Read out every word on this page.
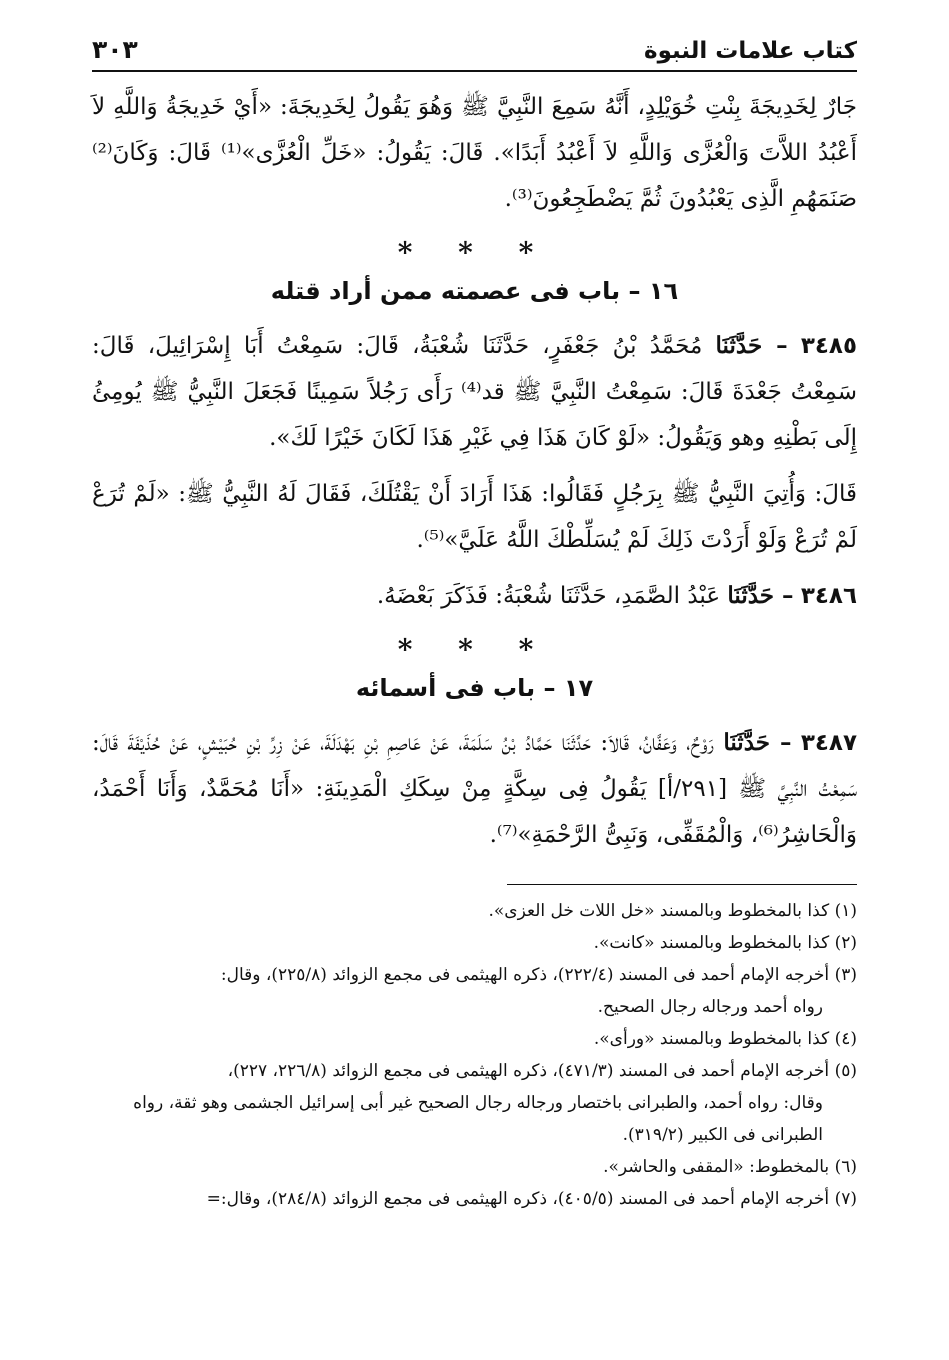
كتاب علامات النبوة
٣٠٣

جَارٌ لِخَدِيجَةَ بِنْتِ خُوَيْلِدٍ، أَنَّهُ سَمِعَ النَّبِيَّ ﷺ وَهُوَ يَقُولُ لِخَدِيجَةَ: «أَيْ خَدِيجَةُ وَاللَّهِ لاَ أَعْبُدُ اللاَّتَ وَالْعُزَّى وَاللَّهِ لاَ أَعْبُدُ أَبَدًا». قَالَ: يَقُولُ: «خَلِّ الْعُزَّى»⁽¹⁾ قَالَ: وَكَانَ⁽²⁾ صَنَمَهُمِ الَّذِى يَعْبُدُونَ ثُمَّ يَضْطَجِعُونَ⁽³⁾.

* * *
١٦ – باب فى عصمته ممن أراد قتله

٣٤٨٥ – حَدَّثَنَا مُحَمَّدُ بْنُ جَعْفَرٍ، حَدَّثَنَا شُعْبَةُ، قَالَ: سَمِعْتُ أَبَا إِسْرَائِيلَ، قَالَ: سَمِعْتُ جَعْدَةَ قَالَ: سَمِعْتُ النَّبِيَّ ﷺ قد⁽⁴⁾ رَأَى رَجُلاً سَمِينًا فَجَعَلَ النَّبِيُّ ﷺ يُومِئُ إِلَى بَطْنِهِ وهو وَيَقُولُ: «لَوْ كَانَ هَذَا فِي غَيْرِ هَذَا لَكَانَ خَيْرًا لَكَ».

قَالَ: وَأُتِيَ النَّبِيُّ ﷺ بِرَجُلٍ فَقَالُوا: هَذَا أَرَادَ أَنْ يَقْتُلَكَ، فَقَالَ لَهُ النَّبِيُّ ﷺ: «لَمْ تُرَعْ لَمْ تُرَعْ وَلَوْ أَرَدْتَ ذَلِكَ لَمْ يُسَلِّطْكَ اللَّهُ عَلَيَّ»⁽⁵⁾.

٣٤٨٦ – حَدَّثَنَا عَبْدُ الصَّمَدِ، حَدَّثَنَا شُعْبَةُ: فَذَكَرَ بَعْضَهُ.

* * *
١٧ – باب فى أسمائه

٣٤٨٧ – حَدَّثَنَا رَوْحٌ، وَعَفَّانُ، قَالاَ: حَدَّثَنَا حَمَّادُ بْنُ سَلَمَةَ، عَنْ عَاصِمِ بْنِ بَهْدَلَةَ، عَنْ زِرِّ بْنِ حُبَيْشٍ، عَنْ حُذَيْفَةَ قَالَ: سَمِعْتُ النَّبِيَّ ﷺ [٢٩١/أ] يَقُولُ فِى سِكَّةٍ مِنْ سِكَكِ الْمَدِينَةِ: «أَنَا مُحَمَّدٌ، وَأَنَا أَحْمَدُ، وَالْحَاشِرُ⁽⁶⁾، وَالْمُقَفِّى، وَنَبِىُّ الرَّحْمَةِ»⁽⁷⁾.

(١) كذا بالمخطوط وبالمسند «خل اللات خل العزى».

(٢) كذا بالمخطوط وبالمسند «كانت».

(٣) أخرجه الإمام أحمد فى المسند (٢٢٢/٤)، ذكره الهيثمى فى مجمع الزوائد (٢٢٥/٨)، وقال:
رواه أحمد ورجاله رجال الصحيح.

(٤) كذا بالمخطوط وبالمسند «ورأى».

(٥) أخرجه الإمام أحمد فى المسند (٤٧١/٣)، ذكره الهيثمى فى مجمع الزوائد (٢٢٦/٨، ٢٢٧)،
وقال: رواه أحمد، والطبرانى باختصار ورجاله رجال الصحيح غير أبى إسرائيل الجشمى وهو ثقة، رواه الطبرانى فى الكبير (٣١٩/٢).

(٦) بالمخطوط: «المقفى والحاشر».

(٧) أخرجه الإمام أحمد فى المسند (٤٠٥/٥)، ذكره الهيثمى فى مجمع الزوائد (٢٨٤/٨)، وقال:=
